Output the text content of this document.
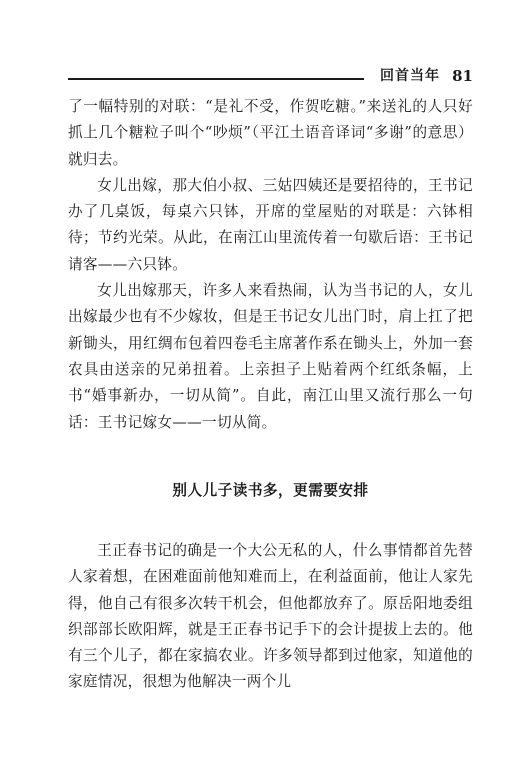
回首当年 81

了一幅特别的对联：“是礼不受，作贺吃糖。”来送礼的人只好抓上几个糖粒子叫个“吵烦”（平江土语音译词“多谢”的意思）就归去。

女儿出嫁，那大伯小叔、三姑四姨还是要招待的，王书记办了几桌饭，每桌六只钵，开席的堂屋贴的对联是：六钵相待；节约光荣。从此，在南江山里流传着一句歇后语：王书记请客——六只钵。

女儿出嫁那天，许多人来看热闹，认为当书记的人，女儿出嫁最少也有不少嫁妆，但是王书记女儿出门时，肩上扛了把新锄头，用红绸布包着四卷毛主席著作系在锄头上，外加一套农具由送亲的兄弟扭着。上亲担子上贴着两个红纸条幅，上书“婚事新办，一切从简”。自此，南江山里又流行那么一句话：王书记嫁女——一切从简。

别人儿子读书多，更需要安排

王正春书记的确是一个大公无私的人，什么事情都首先替人家着想，在困难面前他知难而上，在利益面前，他让人家先得，他自己有很多次转干机会，但他都放弃了。原岳阳地委组织部部长欧阳辉，就是王正春书记手下的会计提拔上去的。他有三个儿子，都在家搞农业。许多领导都到过他家，知道他的家庭情况，很想为他解决一两个儿
